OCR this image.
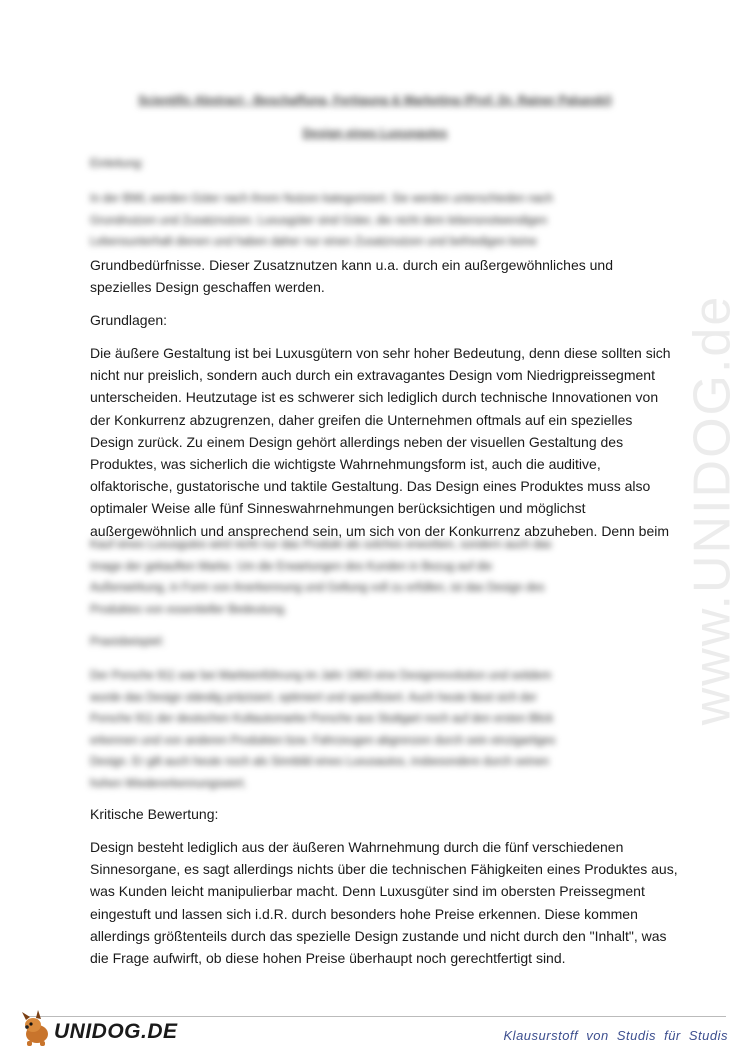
Scientific Abstract - Beschaffung, Fertigung & Marketing (Prof. Dr. Rainer Palupski)
Design eines Luxusgutes
Einleitung:

In der BWL werden Güter nach ihrem Nutzen kategorisiert. Sie werden unterschieden nach

Grundnutzen und Zusatznutzen. Luxusgüter sind Güter, die nicht dem lebensnotwendigen

Lebensunterhalt dienen und haben daher nur einen Zusatznutzen und befriedigen keine

Grundbedürfnisse. Dieser Zusatznutzen kann u.a. durch ein außergewöhnliches und

spezielles Design geschaffen werden.

Grundlagen:

Die äußere Gestaltung ist bei Luxusgütern von sehr hoher Bedeutung, denn diese sollten sich

nicht nur preislich, sondern auch durch ein extravagantes Design vom Niedrigpreissegment

unterscheiden. Heutzutage ist es schwerer sich lediglich durch technische Innovationen von

der Konkurrenz abzugrenzen, daher greifen die Unternehmen oftmals auf ein spezielles

Design zurück. Zu einem Design gehört allerdings neben der visuellen Gestaltung des

Produktes, was sicherlich die wichtigste Wahrnehmungsform ist, auch die auditive,

olfaktorische, gustatorische und taktile Gestaltung. Das Design eines Produktes muss also

optimaler Weise alle fünf Sinneswahrnehmungen berücksichtigen und möglichst

außergewöhnlich und ansprechend sein, um sich von der Konkurrenz abzuheben. Denn beim

Kauf eines Luxusgutes wird nicht nur das Produkt als solches erworben, sondern auch das

Image der gekauften Marke. Um die Erwartungen des Kunden in Bezug auf die

Außenwirkung, in Form von Anerkennung und Geltung voll zu erfüllen, ist das Design des

Produktes von essentieller Bedeutung.

Praxisbeispiel:

Der Porsche 911 war bei Markteinführung im Jahr 1963 eine Designrevolution und seitdem

wurde das Design ständig präzisiert, optimiert und spezifiziert. Auch heute lässt sich der

Porsche 911 der deutschen Kultautomarke Porsche aus Stuttgart noch auf den ersten Blick

erkennen und von anderen Produkten bzw. Fahrzeugen abgrenzen durch sein einzigartiges

Design. Er gilt auch heute noch als Sinnbild eines Luxusautos, insbesondere durch seinen

hohen Wiedererkennungswert.

Kritische Bewertung:

Design besteht lediglich aus der äußeren Wahrnehmung durch die fünf verschiedenen

Sinnesorgane, es sagt allerdings nichts über die technischen Fähigkeiten eines Produktes aus,

was Kunden leicht manipulierbar macht. Denn Luxusgüter sind im obersten Preissegment

eingestuft und lassen sich i.d.R. durch besonders hohe Preise erkennen. Diese kommen

allerdings größtenteils durch das spezielle Design zustande und nicht durch den "Inhalt", was

die Frage aufwirft, ob diese hohen Preise überhaupt noch gerechtfertigt sind.

www.UNIDOG.de
UNIDOG.DE	Klausurstoff von Studis für Studis
